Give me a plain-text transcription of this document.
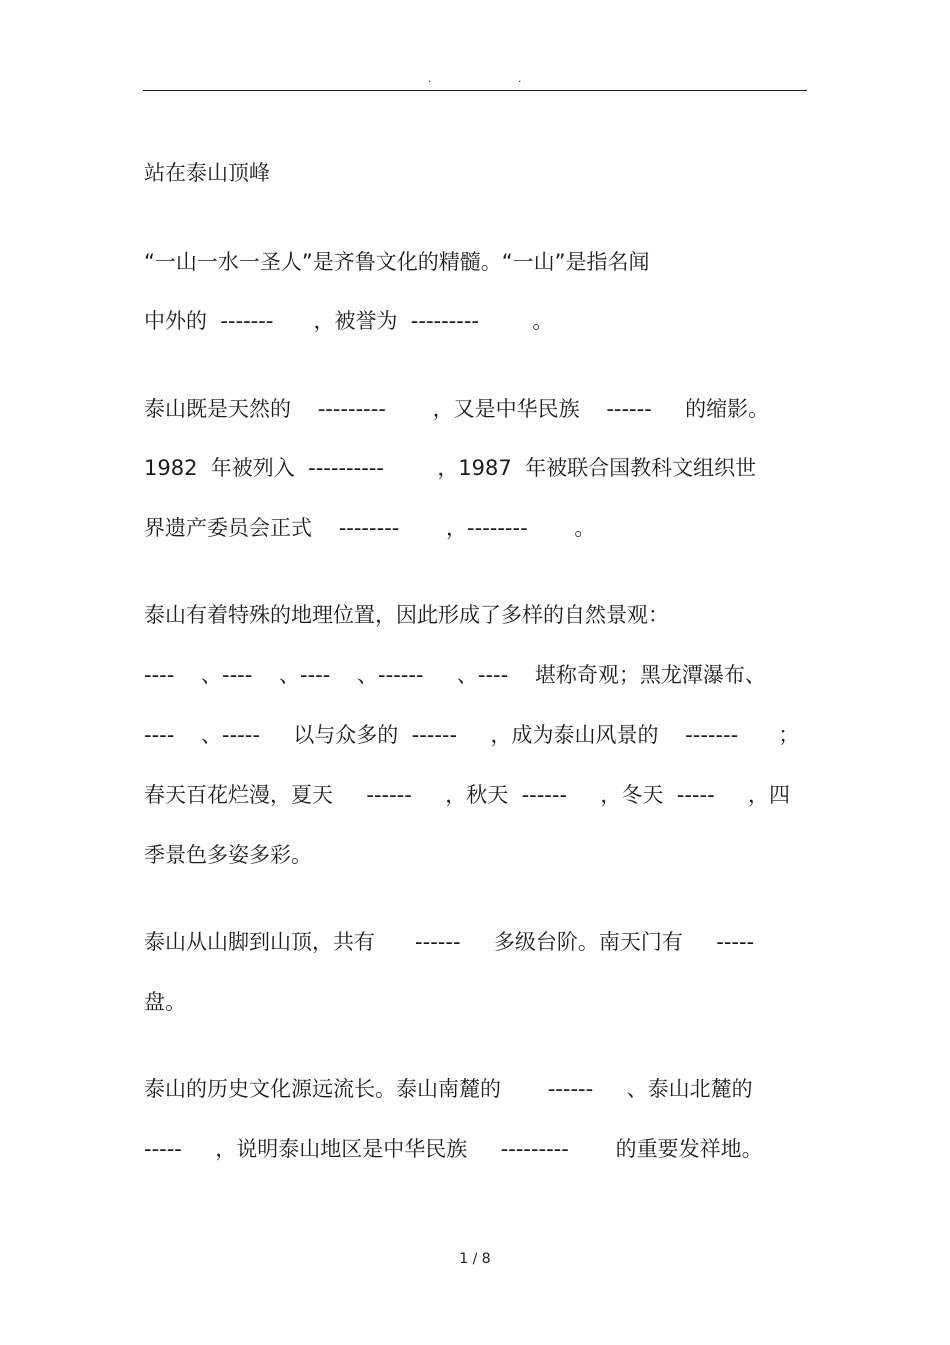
.	.
站在泰山顶峰
“一山一水一圣人”是齐鲁文化的精髓。“一山”是指名闻
中外的  -------      ，被誉为  ---------        。
泰山既是天然的    ---------       ，又是中华民族    ------     的缩影。
1982  年被列入  ----------        ，1987  年被联合国教科文组织世
界遗产委员会正式    --------       ，--------       。
泰山有着特殊的地理位置，因此形成了多样的自然景观：
----    、----    、----    、------     、----    堪称奇观；黑龙潭瀑布、
----    、-----     以与众多的  ------     ，成为泰山风景的    -------      ；
春天百花烂漫，夏天     ------     ，秋天  ------     ，冬天  -----     ，四
季景色多姿多彩。
泰山从山脚到山顶，共有      ------     多级台阶。南天门有     -----
盘。
泰山的历史文化源远流长。泰山南麓的       ------     、泰山北麓的
-----     ，说明泰山地区是中华民族     ---------       的重要发祥地。
1 / 8
